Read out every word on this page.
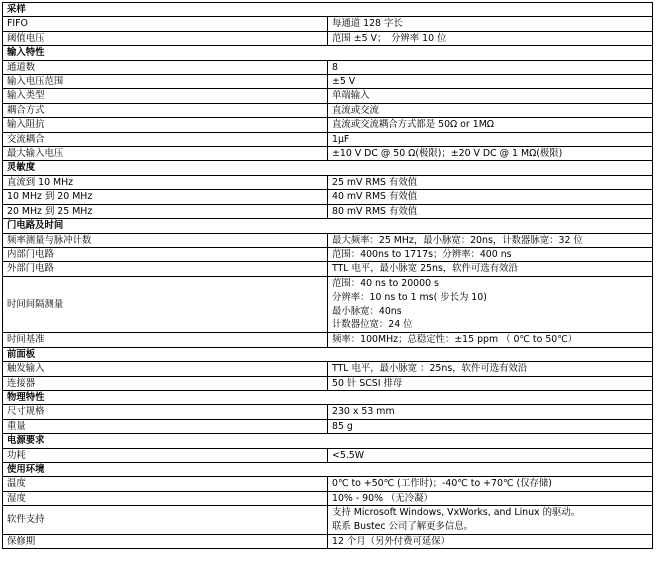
采样	
FIFO	每通道 128 字长
阈值电压	范围 ±5 V；　分辨率 10 位
输入特性	
通道数	8
输入电压范围	±5 V
输入类型	单端输入
耦合方式	直流或交流
输入阻抗	直流或交流耦合方式都是 50Ω or 1MΩ
交流耦合	1μF
最大输入电压	±10 V DC @ 50 Ω(极限)；±20 V DC @ 1 MΩ(极限)
灵敏度	
直流到 10 MHz	25 mV RMS 有效值
10 MHz 到 20 MHz	40 mV RMS 有效值
20 MHz 到 25 MHz	80 mV RMS 有效值
门电路及时间	
频率测量与脉冲计数	最大频率：25 MHz，最小脉宽：20ns，计数器脉宽：32 位
内部门电路	范围：400ns to 1717s；分辨率：400 ns
外部门电路	TTL 电平，最小脉宽 25ns，软件可选有效沿
时间间隔测量	范围：40 ns to 20000 s
分辨率：10 ns to 1 ms( 步长为 10)
最小脉宽：40ns
计数器位宽：24 位

时间基准	频率：100MHz；总稳定性：±15 ppm （ 0℃ to 50℃）
前面板	
触发输入	TTL 电平，最小脉宽 ：25ns，软件可选有效沿
连接器	50 针 SCSI 排母
物理特性	
尺寸规格	230 x 53 mm
重量	85 g
电源要求	
功耗	<5.5W
使用环境	
温度	0℃ to +50℃ (工作时)；-40℃ to +70℃ (仅存储)
湿度	10% - 90% （无冷凝）
软件支持	支持 Microsoft Windows, VxWorks, and Linux 的驱动。
联系 Bustec 公司了解更多信息。

保修期	12 个月（另外付费可延保）
